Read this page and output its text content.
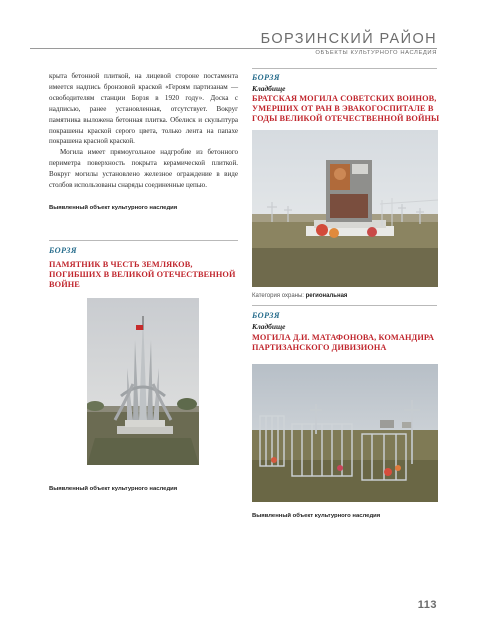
БОРЗИНСКИЙ РАЙОН
ОБЪЕКТЫ КУЛЬТУРНОГО НАСЛЕДИЯ

крыта бетонной плиткой, на лицевой стороне постамента имеется надпись бронзовой краской «Героям партизанам — освободителям станции Борзя в 1920 году». Доска с надписью, ранее установленная, отсутствует. Вокруг памятника выложена бетонная плитка. Обелиск и скульптура покрашены краской серого цвета, только лента на папахе покрашена красной краской.

Могила имеет прямоугольное надгробие из бетонного периметра поверхность покрыта керамической плиткой. Вокруг могилы установлено железное ограждение в виде столбов использованы снаряды соединенные цепью.

Выявленный объект культурного наследия
БОРЗЯ
ПАМЯТНИК В ЧЕСТЬ ЗЕМЛЯКОВ,
ПОГИБШИХ В ВЕЛИКОЙ ОТЕЧЕСТВЕННОЙ
ВОЙНЕ
Выявленный объект культурного наследия
БОРЗЯ
Кладбище
БРАТСКАЯ МОГИЛА СОВЕТСКИХ ВОИНОВ,
УМЕРШИХ ОТ РАН В ЭВАКОГОСПИТАЛЕ В
ГОДЫ ВЕЛИКОЙ ОТЕЧЕСТВЕННОЙ ВОЙНЫ
Категория охраны: региональная
БОРЗЯ
Кладбище
МОГИЛА Д.И. МАТАФОНОВА, КОМАНДИРА
ПАРТИЗАНСКОГО ДИВИЗИОНА
Выявленный объект культурного наследия
113
